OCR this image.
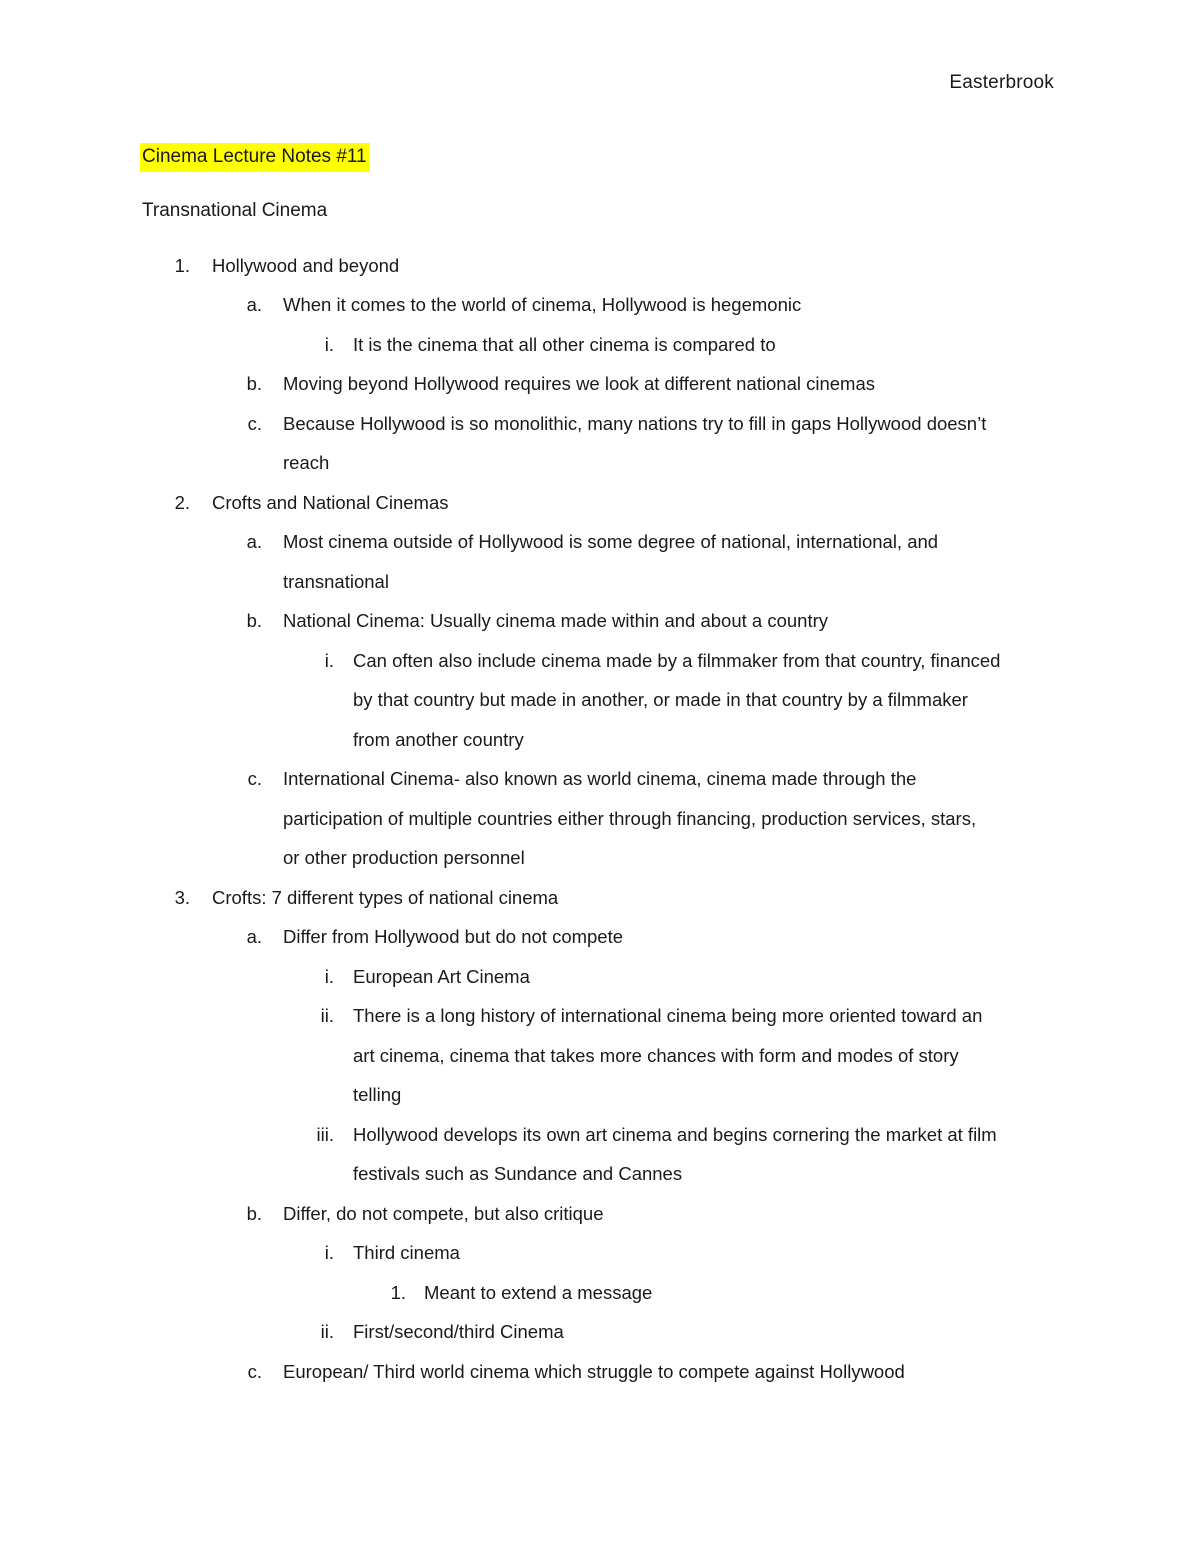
Easterbrook
Cinema Lecture Notes #11
Transnational Cinema
1. Hollywood and beyond
a. When it comes to the world of cinema, Hollywood is hegemonic
i. It is the cinema that all other cinema is compared to
b. Moving beyond Hollywood requires we look at different national cinemas
c. Because Hollywood is so monolithic, many nations try to fill in gaps Hollywood doesn’t
reach
2. Crofts and National Cinemas
a. Most cinema outside of Hollywood is some degree of national, international, and
transnational
b. National Cinema: Usually cinema made within and about a country
i. Can often also include cinema made by a filmmaker from that country, financed
by that country but made in another, or made in that country by a filmmaker
from another country
c. International Cinema- also known as world cinema, cinema made through the
participation of multiple countries either through financing, production services, stars,
or other production personnel
3. Crofts: 7 different types of national cinema
a. Differ from Hollywood but do not compete
i. European Art Cinema
ii. There is a long history of international cinema being more oriented toward an
art cinema, cinema that takes more chances with form and modes of story
telling
iii. Hollywood develops its own art cinema and begins cornering the market at film
festivals such as Sundance and Cannes
b. Differ, do not compete, but also critique
i. Third cinema
1. Meant to extend a message
ii. First/second/third Cinema
c. European/ Third world cinema which struggle to compete against Hollywood
